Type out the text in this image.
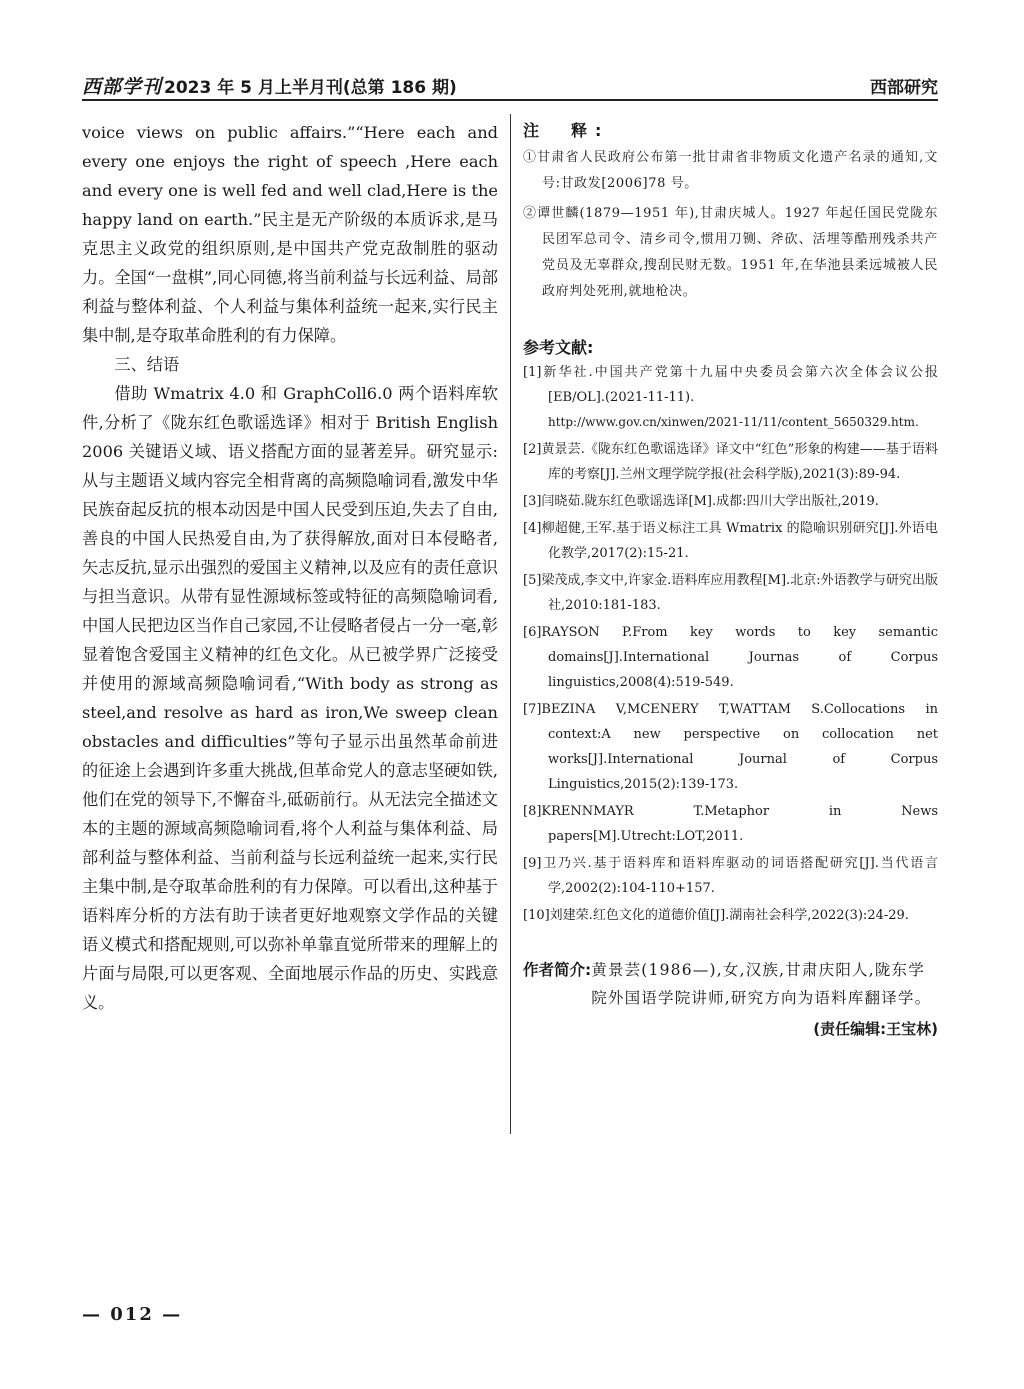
西部学刊 2023 年 5 月上半月刊(总第 186 期)	西部研究

voice views on public affairs.”“Here each and every one enjoys the right of speech ,Here each and every one is well fed and well clad,Here is the happy land on earth.”民主是无产阶级的本质诉求,是马克思主义政党的组织原则,是中国共产党克敌制胜的驱动力。全国“一盘棋”,同心同德,将当前利益与长远利益、局部利益与整体利益、个人利益与集体利益统一起来,实行民主集中制,是夺取革命胜利的有力保障。

三、结语

借助 Wmatrix 4.0 和 GraphColl6.0 两个语料库软件,分析了《陇东红色歌谣选译》相对于 British English 2006 关键语义域、语义搭配方面的显著差异。研究显示:从与主题语义域内容完全相背离的高频隐喻词看,激发中华民族奋起反抗的根本动因是中国人民受到压迫,失去了自由,善良的中国人民热爱自由,为了获得解放,面对日本侵略者,矢志反抗,显示出强烈的爱国主义精神,以及应有的责任意识与担当意识。从带有显性源域标签或特征的高频隐喻词看,中国人民把边区当作自己家园,不让侵略者侵占一分一毫,彰显着饱含爱国主义精神的红色文化。从已被学界广泛接受并使用的源域高频隐喻词看,“With body as strong as steel,and resolve as hard as iron,We sweep clean obstacles and difficulties”等句子显示出虽然革命前进的征途上会遇到许多重大挑战,但革命党人的意志坚硬如铁,他们在党的领导下,不懈奋斗,砥砺前行。从无法完全描述文本的主题的源域高频隐喻词看,将个人利益与集体利益、局部利益与整体利益、当前利益与长远利益统一起来,实行民主集中制,是夺取革命胜利的有力保障。可以看出,这种基于语料库分析的方法有助于读者更好地观察文学作品的关键语义模式和搭配规则,可以弥补单靠直觉所带来的理解上的片面与局限,可以更客观、全面地展示作品的历史、实践意义。

注　释:

①甘肃省人民政府公布第一批甘肃省非物质文化遗产名录的通知,文号:甘政发[2006]78 号。

②谭世麟(1879—1951 年),甘肃庆城人。1927 年起任国民党陇东民团军总司令、清乡司令,惯用刀铡、斧砍、活埋等酷刑残杀共产党员及无辜群众,搜刮民财无数。1951 年,在华池县柔远城被人民政府判处死刑,就地枪决。

参考文献:

[1]新华社.中国共产党第十九届中央委员会第六次全体会议公报[EB/OL].(2021-11-11).
http://www.gov.cn/xinwen/2021-11/11/content_5650329.htm.

[2]黄景芸.《陇东红色歌谣选译》译文中“红色”形象的构建——基于语料库的考察[J].兰州文理学院学报(社会科学版),2021(3):89-94.

[3]闫晓茹.陇东红色歌谣选译[M].成都:四川大学出版社,2019.

[4]柳超健,王军.基于语义标注工具 Wmatrix 的隐喻识别研究[J].外语电化教学,2017(2):15-21.

[5]梁茂成,李文中,许家金.语料库应用教程[M].北京:外语教学与研究出版社,2010:181-183.

[6]RAYSON P.From key words to key semantic domains[J].International Journas of Corpus linguistics,2008(4):519-549.

[7]BEZINA V,MCENERY T,WATTAM S.Collocations in context:A new perspective on collocation net works[J].International Journal of Corpus Linguistics,2015(2):139-173.

[8]KRENNMAYR T.Metaphor in News papers[M].Utrecht:LOT,2011.

[9]卫乃兴.基于语料库和语料库驱动的词语搭配研究[J].当代语言学,2002(2):104-110+157.

[10]刘建荣.红色文化的道德价值[J].湖南社会科学,2022(3):24-29.

作者简介: 黄景芸(1986—),女,汉族,甘肃庆阳人,陇东学院外国语学院讲师,研究方向为语料库翻译学。
(责任编辑:王宝林)
— 012 —
